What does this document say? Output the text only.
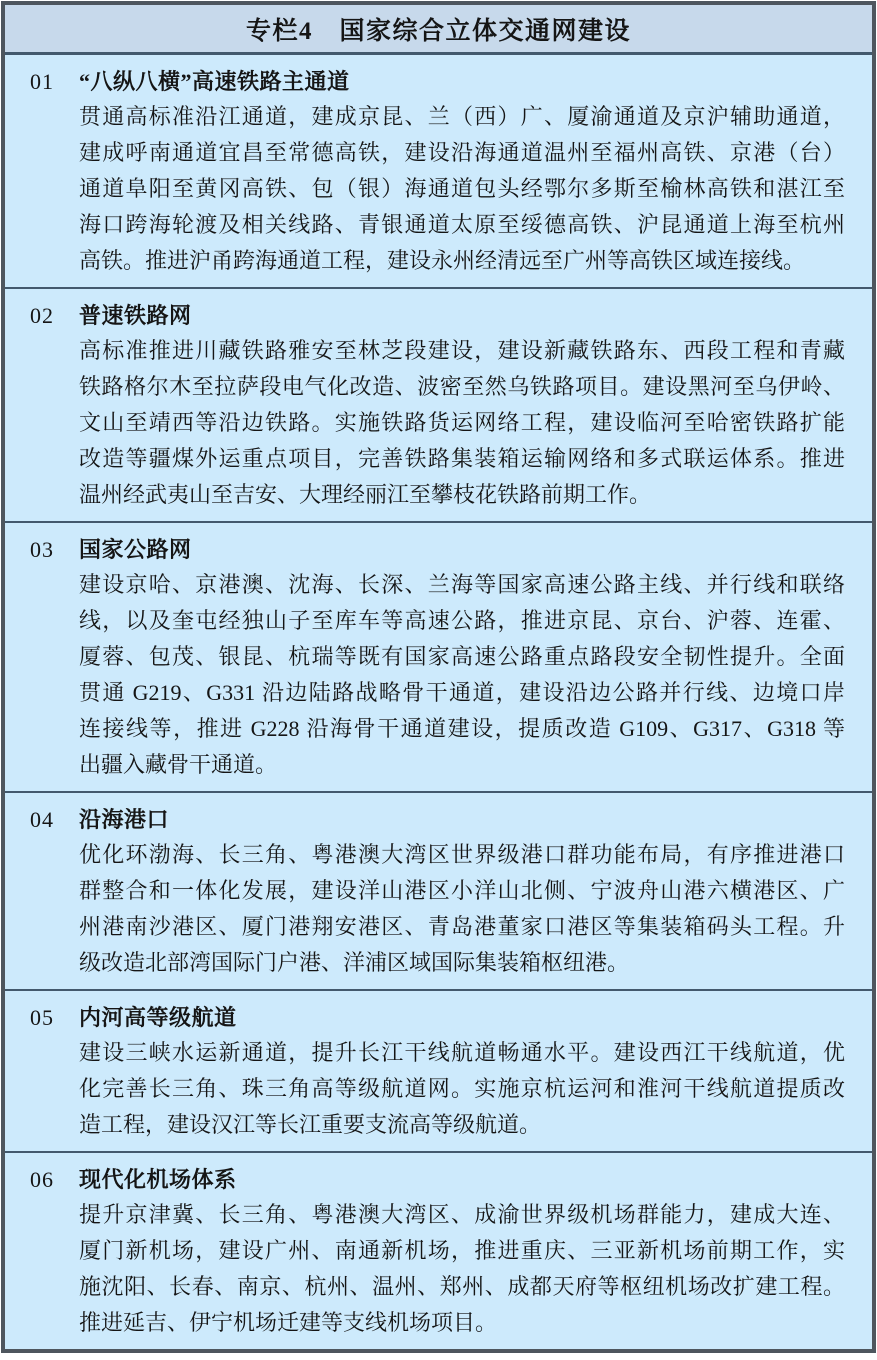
专栏4　国家综合立体交通网建设
01	“八纵八横”高速铁路主通道
贯通高标准沿江通道，建成京昆、兰（西）广、厦渝通道及京沪辅助通道，
建成呼南通道宜昌至常德高铁，建设沿海通道温州至福州高铁、京港（台）
通道阜阳至黄冈高铁、包（银）海通道包头经鄂尔多斯至榆林高铁和湛江至
海口跨海轮渡及相关线路、青银通道太原至绥德高铁、沪昆通道上海至杭州
高铁。推进沪甬跨海通道工程，建设永州经清远至广州等高铁区域连接线。
02	普速铁路网
高标准推进川藏铁路雅安至林芝段建设，建设新藏铁路东、西段工程和青藏
铁路格尔木至拉萨段电气化改造、波密至然乌铁路项目。建设黑河至乌伊岭、
文山至靖西等沿边铁路。实施铁路货运网络工程，建设临河至哈密铁路扩能
改造等疆煤外运重点项目，完善铁路集装箱运输网络和多式联运体系。推进
温州经武夷山至吉安、大理经丽江至攀枝花铁路前期工作。
03	国家公路网
建设京哈、京港澳、沈海、长深、兰海等国家高速公路主线、并行线和联络
线，以及奎屯经独山子至库车等高速公路，推进京昆、京台、沪蓉、连霍、
厦蓉、包茂、银昆、杭瑞等既有国家高速公路重点路段安全韧性提升。全面
贯通 G219、G331 沿边陆路战略骨干通道，建设沿边公路并行线、边境口岸
连接线等，推进 G228 沿海骨干通道建设，提质改造 G109、G317、G318 等
出疆入藏骨干通道。
04	沿海港口
优化环渤海、长三角、粤港澳大湾区世界级港口群功能布局，有序推进港口
群整合和一体化发展，建设洋山港区小洋山北侧、宁波舟山港六横港区、广
州港南沙港区、厦门港翔安港区、青岛港董家口港区等集装箱码头工程。升
级改造北部湾国际门户港、洋浦区域国际集装箱枢纽港。
05	内河高等级航道
建设三峡水运新通道，提升长江干线航道畅通水平。建设西江干线航道，优
化完善长三角、珠三角高等级航道网。实施京杭运河和淮河干线航道提质改
造工程，建设汉江等长江重要支流高等级航道。
06	现代化机场体系
提升京津冀、长三角、粤港澳大湾区、成渝世界级机场群能力，建成大连、
厦门新机场，建设广州、南通新机场，推进重庆、三亚新机场前期工作，实
施沈阳、长春、南京、杭州、温州、郑州、成都天府等枢纽机场改扩建工程。
推进延吉、伊宁机场迁建等支线机场项目。
